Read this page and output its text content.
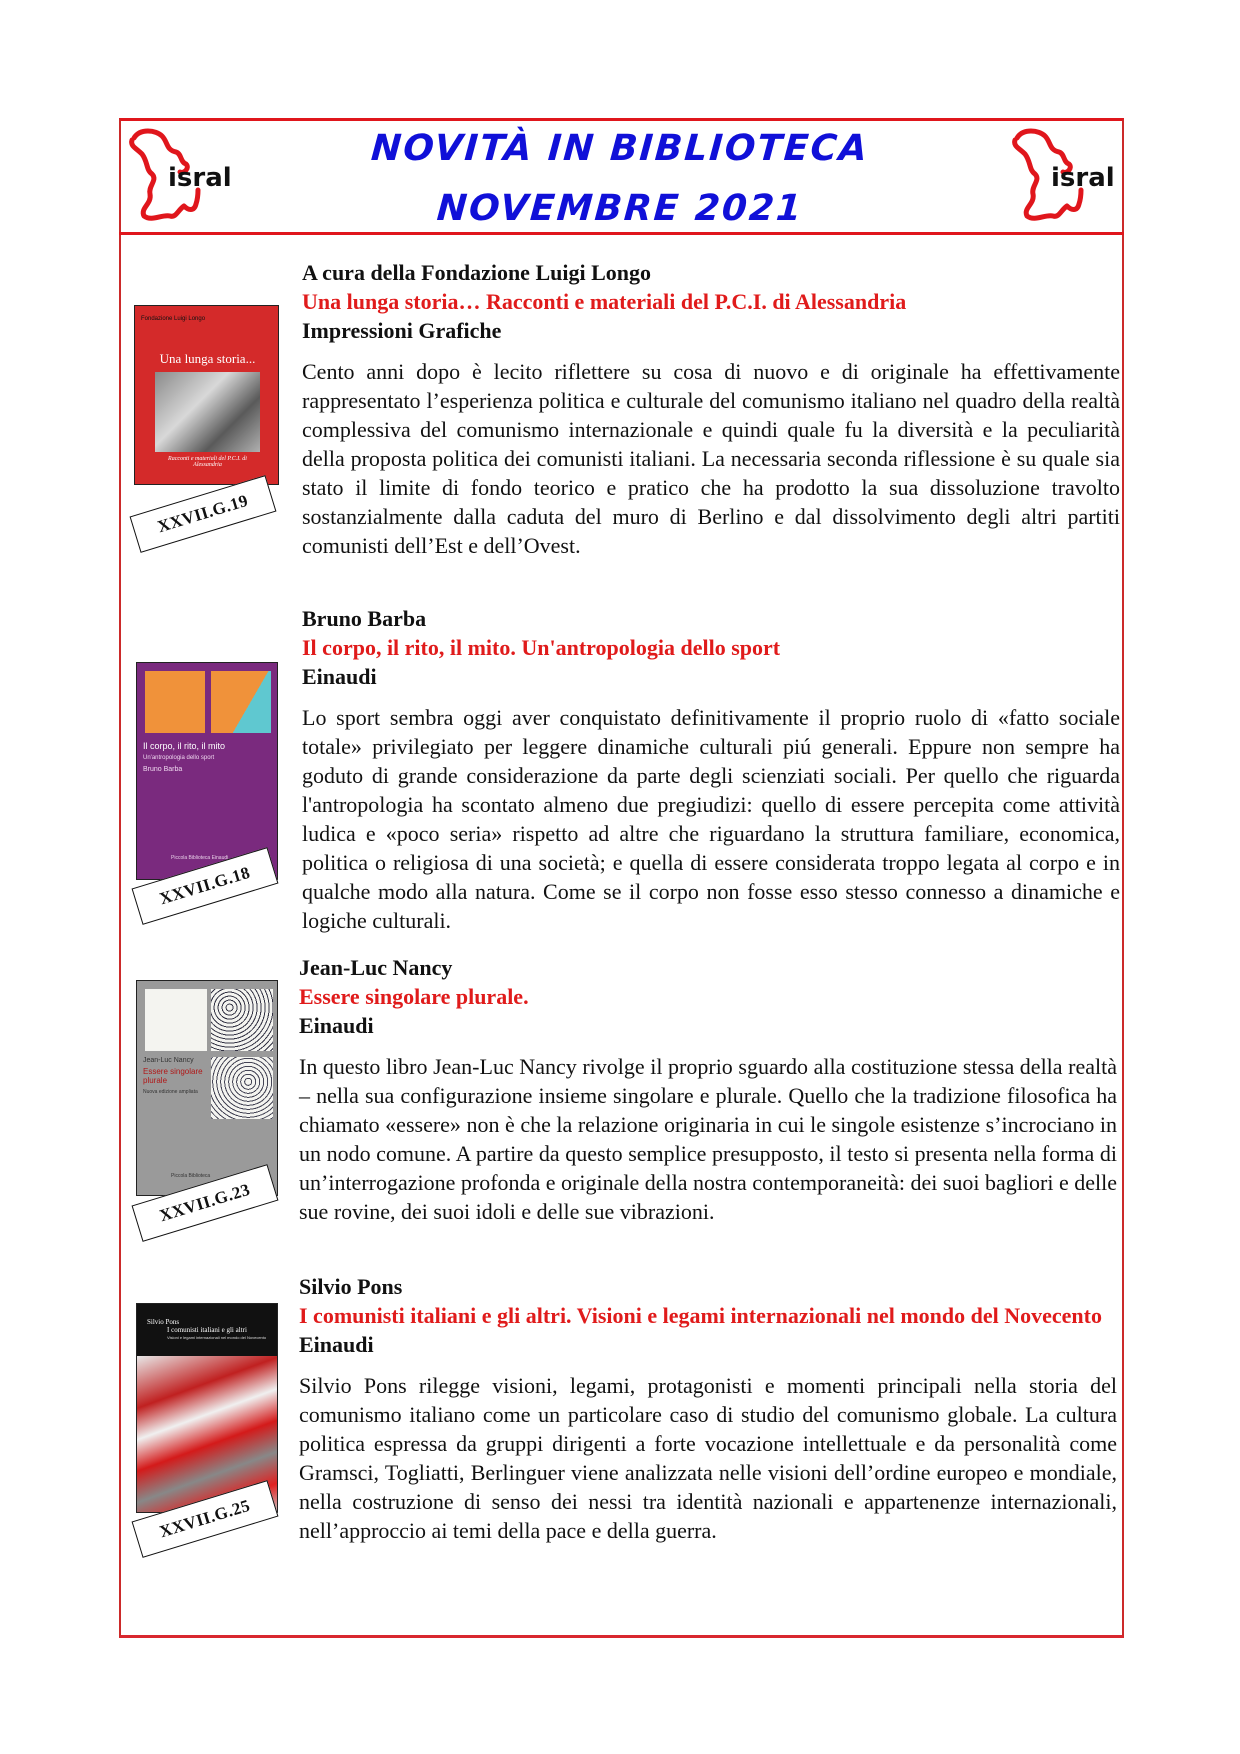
isral	isral
NOVITÀ IN BIBLIOTECA
NOVEMBRE 2021
Fondazione Luigi Longo
Una lunga storia...
Racconti e materiali del P.C.I. di Alessandria
XXVII.G.19
A cura della Fondazione Luigi Longo
Una lunga storia… Racconti e materiali del P.C.I. di Alessandria
Impressioni Grafiche
Cento anni dopo è lecito riflettere su cosa di nuovo e di originale ha effettivamente rappresentato l’esperienza politica e culturale del comunismo italiano nel quadro della realtà complessiva del comunismo internazionale e quindi quale fu la diversità e la peculiarità della proposta politica dei comunisti italiani. La necessaria seconda riflessione è su quale sia stato il limite di fondo teorico e pratico che ha prodotto la sua dissoluzione travolto sostanzialmente dalla caduta del muro di Berlino e dal dissolvimento degli altri partiti comunisti dell’Est e dell’Ovest.
Il corpo, il rito, il mito
Un'antropologia dello sport
Bruno Barba
Piccola Biblioteca Einaudi
XXVII.G.18
Bruno Barba
Il corpo, il rito, il mito. Un'antropologia dello sport
Einaudi
Lo sport sembra oggi aver conquistato definitivamente il proprio ruolo di «fatto sociale totale» privilegiato per leggere dinamiche culturali piú generali. Eppure non sempre ha goduto di grande considerazione da parte degli scienziati sociali. Per quello che riguarda l'antropologia ha scontato almeno due pregiudizi: quello di essere percepita come attività ludica e «poco seria» rispetto ad altre che riguardano la struttura familiare, economica, politica o religiosa di una società; e quella di essere considerata troppo legata al corpo e in qualche modo alla natura. Come se il corpo non fosse esso stesso connesso a dinamiche e logiche culturali.
Jean-Luc Nancy
Essere singolare plurale
Nuova edizione ampliata
Piccola Biblioteca
XXVII.G.23
Jean-Luc Nancy
Essere singolare plurale.
Einaudi
In questo libro Jean-Luc Nancy rivolge il proprio sguardo alla costituzione stessa della realtà – nella sua configurazione insieme singolare e plurale. Quello che la tradizione filosofica ha chiamato «essere» non è che la relazione originaria in cui le singole esistenze s’incrociano in un nodo comune. A partire da questo semplice presupposto, il testo si presenta nella forma di un’interrogazione profonda e originale della nostra contemporaneità: dei suoi bagliori e delle sue rovine, dei suoi idoli e delle sue vibrazioni.
Silvio Pons
I comunisti italiani e gli altri
Visioni e legami internazionali nel mondo del Novecento
XXVII.G.25
Silvio Pons
I comunisti italiani e gli altri. Visioni e legami internazionali nel mondo del Novecento
Einaudi
Silvio Pons rilegge visioni, legami, protagonisti e momenti principali nella storia del comunismo italiano come un particolare caso di studio del comunismo globale. La cultura politica espressa da gruppi dirigenti a forte vocazione intellettuale e da personalità come Gramsci, Togliatti, Berlinguer viene analizzata nelle visioni dell’ordine europeo e mondiale, nella costruzione di senso dei nessi tra identità nazionali e appartenenze internazionali, nell’approccio ai temi della pace e della guerra.
